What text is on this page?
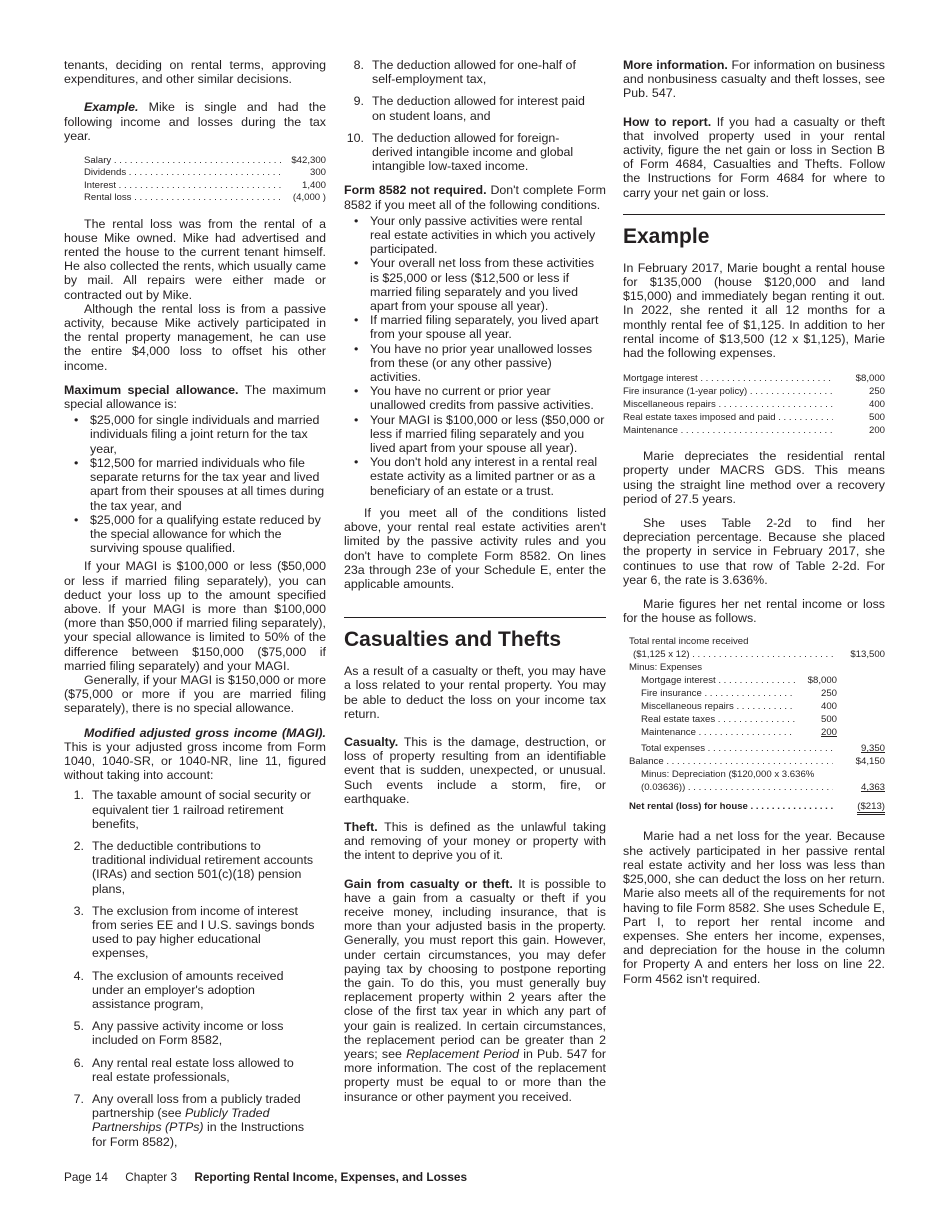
tenants, deciding on rental terms, approving expenditures, and other similar decisions.

Example. Mike is single and had the following income and losses during the tax year.

Salary . . .	$42,300
Dividends . . .	300
Interest . . .	1,400
Rental loss . . .	(4,000 )

The rental loss was from the rental of a house Mike owned. Mike had advertised and rented the house to the current tenant himself. He also collected the rents, which usually came by mail. All repairs were either made or contracted out by Mike.

Although the rental loss is from a passive activity, because Mike actively participated in the rental property management, he can use the entire $4,000 loss to offset his other income.

Maximum special allowance. The maximum special allowance is:

• $25,000 for single individuals and married individuals filing a joint return for the tax year,
• $12,500 for married individuals who file separate returns for the tax year and lived apart from their spouses at all times during the tax year, and
• $25,000 for a qualifying estate reduced by the special allowance for which the surviving spouse qualified.

If your MAGI is $100,000 or less ($50,000 or less if married filing separately), you can deduct your loss up to the amount specified above. If your MAGI is more than $100,000 (more than $50,000 if married filing separately), your special allowance is limited to 50% of the difference between $150,000 ($75,000 if married filing separately) and your MAGI.

Generally, if your MAGI is $150,000 or more ($75,000 or more if you are married filing separately), there is no special allowance.

Modified adjusted gross income (MAGI). This is your adjusted gross income from Form 1040, 1040-SR, or 1040-NR, line 11, figured without taking into account:

1. The taxable amount of social security or equivalent tier 1 railroad retirement benefits,
2. The deductible contributions to traditional individual retirement accounts (IRAs) and section 501(c)(18) pension plans,
3. The exclusion from income of interest from series EE and I U.S. savings bonds used to pay higher educational expenses,
4. The exclusion of amounts received under an employer's adoption assistance program,
5. Any passive activity income or loss included on Form 8582,
6. Any rental real estate loss allowed to real estate professionals,
7. Any overall loss from a publicly traded partnership (see Publicly Traded Partnerships (PTPs) in the Instructions for Form 8582),
8. The deduction allowed for one-half of self-employment tax,
9. The deduction allowed for interest paid on student loans, and
10. The deduction allowed for foreign-derived intangible income and global intangible low-taxed income.

Form 8582 not required. Don't complete Form 8582 if you meet all of the following conditions.

• Your only passive activities were rental real estate activities in which you actively participated.
• Your overall net loss from these activities is $25,000 or less ($12,500 or less if married filing separately and you lived apart from your spouse all year).
• If married filing separately, you lived apart from your spouse all year.
• You have no prior year unallowed losses from these (or any other passive) activities.
• You have no current or prior year unallowed credits from passive activities.
• Your MAGI is $100,000 or less ($50,000 or less if married filing separately and you lived apart from your spouse all year).
• You don't hold any interest in a rental real estate activity as a limited partner or as a beneficiary of an estate or a trust.

If you meet all of the conditions listed above, your rental real estate activities aren't limited by the passive activity rules and you don't have to complete Form 8582. On lines 23a through 23e of your Schedule E, enter the applicable amounts.

Casualties and Thefts

As a result of a casualty or theft, you may have a loss related to your rental property. You may be able to deduct the loss on your income tax return.

Casualty. This is the damage, destruction, or loss of property resulting from an identifiable event that is sudden, unexpected, or unusual. Such events include a storm, fire, or earthquake.

Theft. This is defined as the unlawful taking and removing of your money or property with the intent to deprive you of it.

Gain from casualty or theft. It is possible to have a gain from a casualty or theft if you receive money, including insurance, that is more than your adjusted basis in the property. Generally, you must report this gain. However, under certain circumstances, you may defer paying tax by choosing to postpone reporting the gain. To do this, you must generally buy replacement property within 2 years after the close of the first tax year in which any part of your gain is realized. In certain circumstances, the replacement period can be greater than 2 years; see Replacement Period in Pub. 547 for more information. The cost of the replacement property must be equal to or more than the insurance or other payment you received.

More information. For information on business and nonbusiness casualty and theft losses, see Pub. 547.

How to report. If you had a casualty or theft that involved property used in your rental activity, figure the net gain or loss in Section B of Form 4684, Casualties and Thefts. Follow the Instructions for Form 4684 for where to carry your net gain or loss.

Example

In February 2017, Marie bought a rental house for $135,000 (house $120,000 and land $15,000) and immediately began renting it out. In 2022, she rented it all 12 months for a monthly rental fee of $1,125. In addition to her rental income of $13,500 (12 x $1,125), Marie had the following expenses.

Mortgage interest . . .	$8,000
Fire insurance (1-year policy) . . .	250
Miscellaneous repairs . . .	400
Real estate taxes imposed and paid . . .	500
Maintenance . . .	200

Marie depreciates the residential rental property under MACRS GDS. This means using the straight line method over a recovery period of 27.5 years.

She uses Table 2-2d to find her depreciation percentage. Because she placed the property in service in February 2017, she continues to use that row of Table 2-2d. For year 6, the rate is 3.636%.

Marie figures her net rental income or loss for the house as follows.

Total rental income received
($1,125 x 12) . . .	$13,500
Minus: Expenses
Mortgage interest . . .	$8,000
Fire insurance . . .	250
Miscellaneous repairs . . .	400
Real estate taxes . . .	500
Maintenance . . .	200
Total expenses . . .	9,350
Balance . . .	$4,150
Minus: Depreciation ($120,000 x 3.636%
(0.03636)) . . .	4,363
Net rental (loss) for house . . .	($213)

Marie had a net loss for the year. Because she actively participated in her passive rental real estate activity and her loss was less than $25,000, she can deduct the loss on her return. Marie also meets all of the requirements for not having to file Form 8582. She uses Schedule E, Part I, to report her rental income and expenses. She enters her income, expenses, and depreciation for the house in the column for Property A and enters her loss on line 22. Form 4562 isn't required.

Page 14 Chapter 3 Reporting Rental Income, Expenses, and Losses
